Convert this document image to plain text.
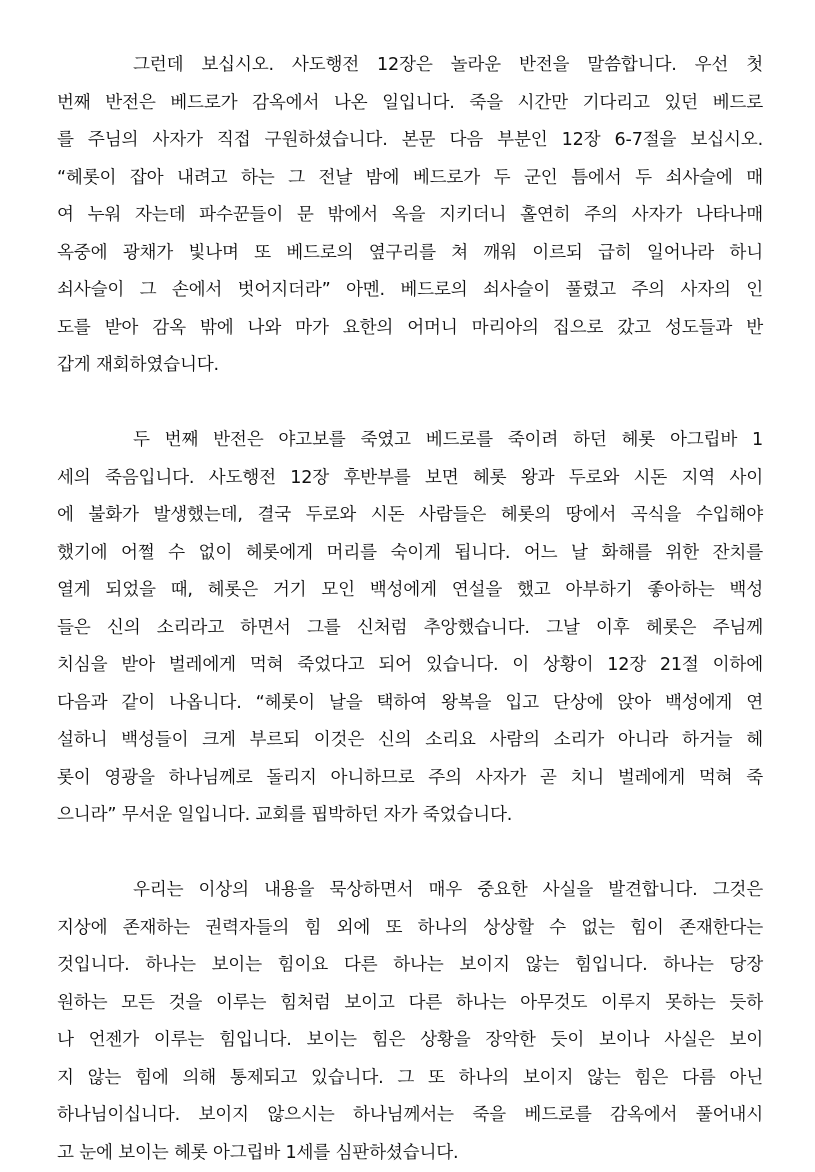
그런데 보십시오. 사도행전 12장은 놀라운 반전을 말씀합니다. 우선 첫
번째 반전은 베드로가 감옥에서 나온 일입니다. 죽을 시간만 기다리고 있던 베드로
를 주님의 사자가 직접 구원하셨습니다. 본문 다음 부분인 12장 6-7절을 보십시오.
“헤롯이 잡아 내려고 하는 그 전날 밤에 베드로가 두 군인 틈에서 두 쇠사슬에 매
여 누워 자는데 파수꾼들이 문 밖에서 옥을 지키더니 홀연히 주의 사자가 나타나매
옥중에 광채가 빛나며 또 베드로의 옆구리를 쳐 깨워 이르되 급히 일어나라 하니
쇠사슬이 그 손에서 벗어지더라” 아멘. 베드로의 쇠사슬이 풀렸고 주의 사자의 인
도를 받아 감옥 밖에 나와 마가 요한의 어머니 마리아의 집으로 갔고 성도들과 반
갑게 재회하였습니다.
두 번째 반전은 야고보를 죽였고 베드로를 죽이려 하던 헤롯 아그립바 1
세의 죽음입니다. 사도행전 12장 후반부를 보면 헤롯 왕과 두로와 시돈 지역 사이
에 불화가 발생했는데, 결국 두로와 시돈 사람들은 헤롯의 땅에서 곡식을 수입해야
했기에 어쩔 수 없이 헤롯에게 머리를 숙이게 됩니다. 어느 날 화해를 위한 잔치를
열게 되었을 때, 헤롯은 거기 모인 백성에게 연설을 했고 아부하기 좋아하는 백성
들은 신의 소리라고 하면서 그를 신처럼 추앙했습니다. 그날 이후 헤롯은 주님께
치심을 받아 벌레에게 먹혀 죽었다고 되어 있습니다. 이 상황이 12장 21절 이하에
다음과 같이 나옵니다. “헤롯이 날을 택하여 왕복을 입고 단상에 앉아 백성에게 연
설하니 백성들이 크게 부르되 이것은 신의 소리요 사람의 소리가 아니라 하거늘 헤
롯이 영광을 하나님께로 돌리지 아니하므로 주의 사자가 곧 치니 벌레에게 먹혀 죽
으니라” 무서운 일입니다. 교회를 핍박하던 자가 죽었습니다.
우리는 이상의 내용을 묵상하면서 매우 중요한 사실을 발견합니다. 그것은
지상에 존재하는 권력자들의 힘 외에 또 하나의 상상할 수 없는 힘이 존재한다는
것입니다. 하나는 보이는 힘이요 다른 하나는 보이지 않는 힘입니다. 하나는 당장
원하는 모든 것을 이루는 힘처럼 보이고 다른 하나는 아무것도 이루지 못하는 듯하
나 언젠가 이루는 힘입니다. 보이는 힘은 상황을 장악한 듯이 보이나 사실은 보이
지 않는 힘에 의해 통제되고 있습니다. 그 또 하나의 보이지 않는 힘은 다름 아닌
하나님이십니다. 보이지 않으시는 하나님께서는 죽을 베드로를 감옥에서 풀어내시
고 눈에 보이는 헤롯 아그립바 1세를 심판하셨습니다.
